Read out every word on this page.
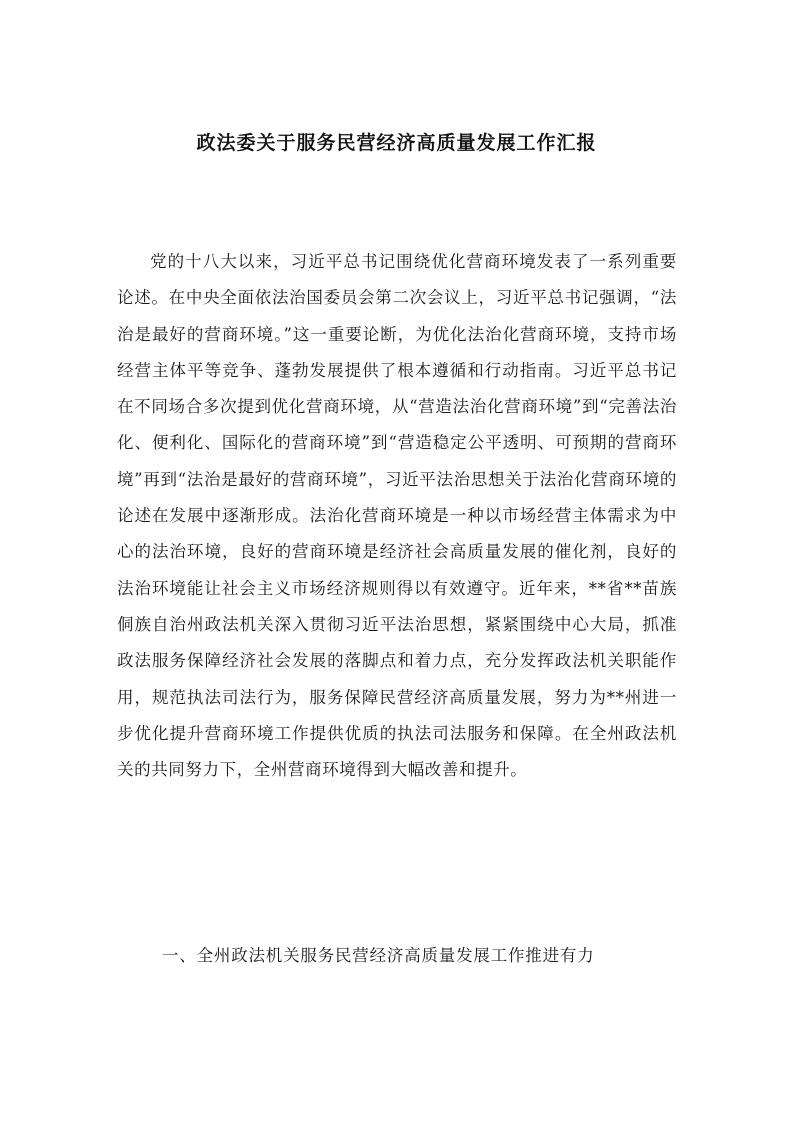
政法委关于服务民营经济高质量发展工作汇报

党的十八大以来，习近平总书记围绕优化营商环境发表了一系列重要论述。在中央全面依法治国委员会第二次会议上，习近平总书记强调，“法治是最好的营商环境。”这一重要论断，为优化法治化营商环境，支持市场经营主体平等竞争、蓬勃发展提供了根本遵循和行动指南。习近平总书记在不同场合多次提到优化营商环境，从“营造法治化营商环境”到“完善法治化、便利化、国际化的营商环境”到“营造稳定公平透明、可预期的营商环境”再到“法治是最好的营商环境”，习近平法治思想关于法治化营商环境的论述在发展中逐渐形成。法治化营商环境是一种以市场经营主体需求为中心的法治环境，良好的营商环境是经济社会高质量发展的催化剂，良好的法治环境能让社会主义市场经济规则得以有效遵守。近年来，**省**苗族侗族自治州政法机关深入贯彻习近平法治思想，紧紧围绕中心大局，抓准政法服务保障经济社会发展的落脚点和着力点，充分发挥政法机关职能作用，规范执法司法行为，服务保障民营经济高质量发展，努力为**州进一步优化提升营商环境工作提供优质的执法司法服务和保障。在全州政法机关的共同努力下，全州营商环境得到大幅改善和提升。

一、全州政法机关服务民营经济高质量发展工作推进有力
